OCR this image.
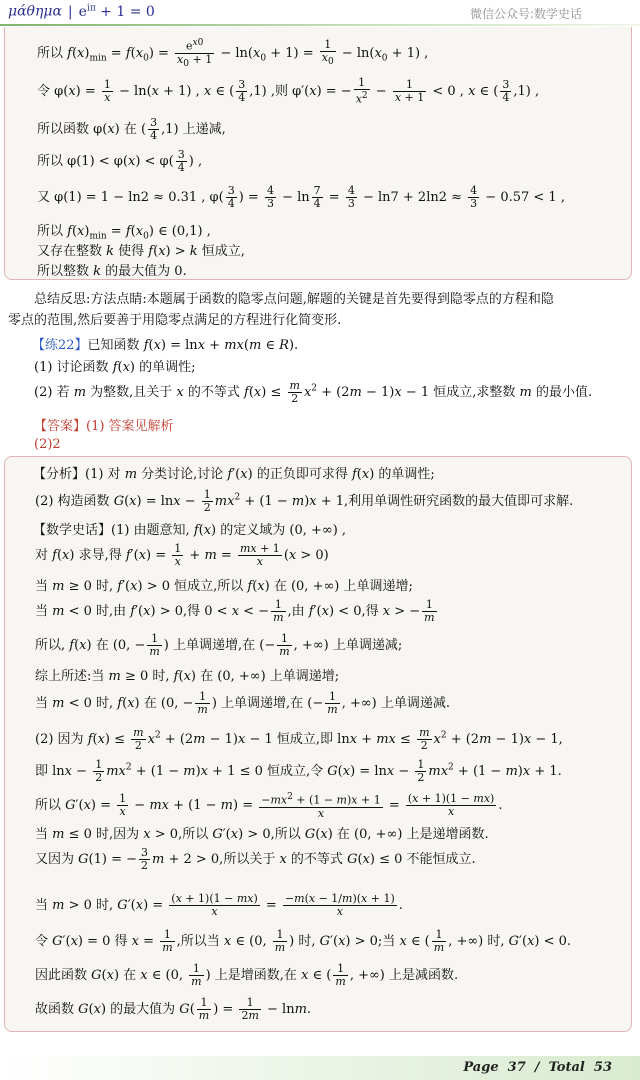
μάθημα | $e^{i\pi} + 1 = 0$	微信公众号:数学史话
所以 $f(x)_{min} = f(x_0) = \frac{e^{x0}}{x_0 + 1} - \ln(x_0 + 1) = \frac{1}{x_0} - \ln(x_0 + 1)$ ,
令 $\varphi(x) = \frac{1}{x} - \ln(x + 1)$ , x ∈ ( $\frac{3}{4} ,1$) ,则 φ′(x) = − $\frac{1}{x^2} - \frac{1}{x + 1} < 0$ , x ∈ ( $\frac{3}{4} ,1$) ,
所以函数 φ(x) 在 ( $\frac{3}{4} ,1$) 上递减,
所以 $\varphi(1) < \varphi(x) < \varphi( \frac{3}{4}$ ) ,
又 φ(1) = 1 − ln2 ≈ 0.31 , $\varphi( \frac{3}{4}$ ) = $\frac{4}{3} - \ln \frac{7}{4} = \frac{4}{3} - \ln 7 + 2\ln 2 \approx \frac{4}{3} - 0.57 < 1$ ,
所以 $f(x)_{min} = f(x_0)$ ∈ (0,1) ,
又存在整数 k 使得 f(x) > k 恒成立,
所以整数 k 的最大值为 0.
总结反思:方法点睛:本题属于函数的隐零点问题,解题的关键是首先要得到隐零点的方程和隐
零点的范围,然后要善于用隐零点满足的方程进行化简变形.
【练22】已知函数 f(x) = lnx + mx(m ∈ R).
(1) 讨论函数 f(x) 的单调性;
(2) 若 m 为整数,且关于 x 的不等式 $f(x) \le \frac{m}{2} x^2 + (2m - 1)x - 1$ 恒成立,求整数 m 的最小值.
【答案】(1) 答案见解析
(2)2
【分析】(1) 对 m 分类讨论,讨论 f′(x) 的正负即可求得 f(x) 的单调性;
(2) 构造函数 $G(x) = \ln x - \frac{1}{2} mx^2 + (1 - m)x + 1$,利用单调性研究函数的最大值即可求解.
【数学史话】(1) 由题意知, f(x) 的定义域为 (0, +∞) ,
对 f(x) 求导,得 $f'(x) = \frac{1}{x} + m = \frac{mx + 1}{x} (x > 0)$
当 m ≥ 0 时, f′(x) > 0 恒成立,所以 f(x) 在 (0, +∞) 上单调递增;
当 m < 0 时,由 f′(x) > 0,得 0 < x < − $\frac{1}{m}$ ,由 f′(x) < 0,得 x > − $\frac{1}{m}$
所以, f(x) 在 (0, − $\frac{1}{m}$ ) 上单调递增,在 (− $\frac{1}{m}$ , +∞) 上单调递减;
综上所述:当 m ≥ 0 时, f(x) 在 (0, +∞) 上单调递增;
当 m < 0 时, f(x) 在 (0, − $\frac{1}{m}$ ) 上单调递增,在 (− $\frac{1}{m}$ , +∞) 上单调递减.
(2) 因为 $f(x) \le \frac{m}{2} x^2 + (2m - 1)x - 1$ 恒成立,即 lnx + mx ≤ $\frac{m}{2} x^2 + (2m - 1)x - 1$,
即 $\ln x - \frac{1}{2} mx^2 + (1 - m)x + 1 \le 0$ 恒成立,令 $G(x) = \ln x - \frac{1}{2} mx^2 + (1 - m)x + 1$.
所以 $G'(x) = \frac{1}{x}$ − mx + $(1 - m) = \frac{-mx^2 + (1 - m)x + 1}{x} = \frac{(x + 1)(1 - mx)}{x}$ .
当 m ≤ 0 时,因为 x > 0,所以 G′(x) > 0,所以 G(x) 在 (0, +∞) 上是递增函数.
又因为 G(1) = − $\frac{3}{2}$ m + 2 > 0,所以关于 x 的不等式 G(x) ≤ 0 不能恒成立.
当 m > 0 时, $G'(x) = \frac{(x + 1)(1 - mx)}{x} = \frac{-m(x - 1/m)(x + 1)}{x}$ .
令 G′(x) = 0 得 $x = \frac{1}{m}$ ,所以当 x ∈ (0, $\frac{1}{m}$ ) 时, G′(x) > 0;当 x ∈ ( $\frac{1}{m}$ , +∞) 时, G′(x) < 0.
因此函数 G(x) 在 x ∈ (0, $\frac{1}{m}$ ) 上是增函数,在 x ∈ ( $\frac{1}{m}$ , +∞) 上是减函数.
故函数 G(x) 的最大值为 $G( \frac{1}{m}$ ) = $\frac{1}{2m} - \ln m$.
Page 37  /  Total 53
